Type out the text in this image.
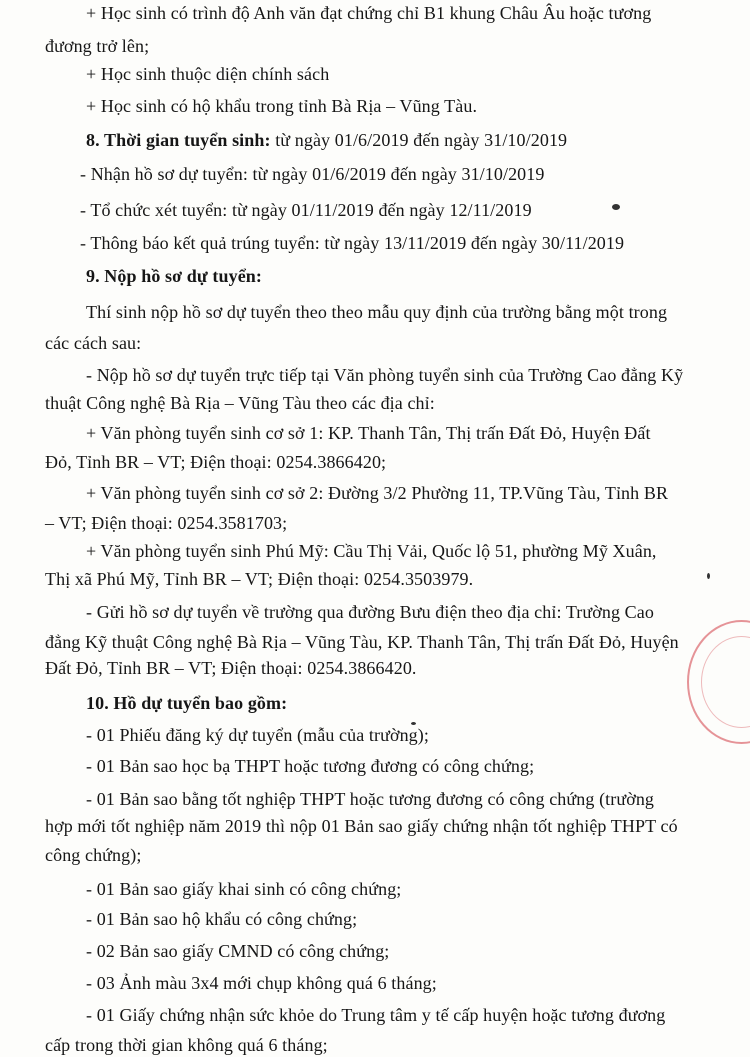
+ Học sinh có trình độ Anh văn đạt chứng chỉ B1 khung Châu Âu hoặc tương
đương trở lên;
+ Học sinh thuộc diện chính sách
+ Học sinh có hộ khẩu trong tỉnh Bà Rịa – Vũng Tàu.
8. Thời gian tuyển sinh: từ ngày 01/6/2019 đến ngày 31/10/2019
- Nhận hồ sơ dự tuyển: từ ngày 01/6/2019 đến ngày 31/10/2019
- Tổ chức xét tuyển: từ ngày 01/11/2019 đến ngày 12/11/2019
- Thông báo kết quả trúng tuyển: từ ngày 13/11/2019 đến ngày 30/11/2019
9. Nộp hồ sơ dự tuyển:
Thí sinh nộp hồ sơ dự tuyển theo theo mẫu quy định của trường bằng một trong
các cách sau:
- Nộp hồ sơ dự tuyển trực tiếp tại Văn phòng tuyển sinh của Trường Cao đẳng Kỹ
thuật Công nghệ Bà Rịa – Vũng Tàu theo các địa chỉ:
+ Văn phòng tuyển sinh cơ sở 1: KP. Thanh Tân, Thị trấn Đất Đỏ, Huyện Đất
Đỏ, Tỉnh BR – VT; Điện thoại: 0254.3866420;
+ Văn phòng tuyển sinh cơ sở 2: Đường 3/2 Phường 11, TP.Vũng Tàu, Tỉnh BR
– VT; Điện thoại: 0254.3581703;
+ Văn phòng tuyển sinh Phú Mỹ: Cầu Thị Vải, Quốc lộ 51, phường Mỹ Xuân,
Thị xã Phú Mỹ, Tỉnh BR – VT; Điện thoại: 0254.3503979.
- Gửi hồ sơ dự tuyển về trường qua đường Bưu điện theo địa chỉ: Trường Cao
đẳng Kỹ thuật Công nghệ Bà Rịa – Vũng Tàu, KP. Thanh Tân, Thị trấn Đất Đỏ, Huyện
Đất Đỏ, Tỉnh BR – VT; Điện thoại: 0254.3866420.
10. Hồ dự tuyển bao gồm:
- 01 Phiếu đăng ký dự tuyển (mẫu của trường);
- 01 Bản sao học bạ THPT hoặc tương đương có công chứng;
- 01 Bản sao bằng tốt nghiệp THPT hoặc tương đương có công chứng (trường
hợp mới tốt nghiệp năm 2019 thì nộp 01 Bản sao giấy chứng nhận tốt nghiệp THPT có
công chứng);
- 01 Bản sao giấy khai sinh có công chứng;
- 01 Bản sao hộ khẩu có công chứng;
- 02 Bản sao giấy CMND có công chứng;
- 03 Ảnh màu 3x4 mới chụp không quá 6 tháng;
- 01 Giấy chứng nhận sức khỏe do Trung tâm y tế cấp huyện hoặc tương đương
cấp trong thời gian không quá 6 tháng;
